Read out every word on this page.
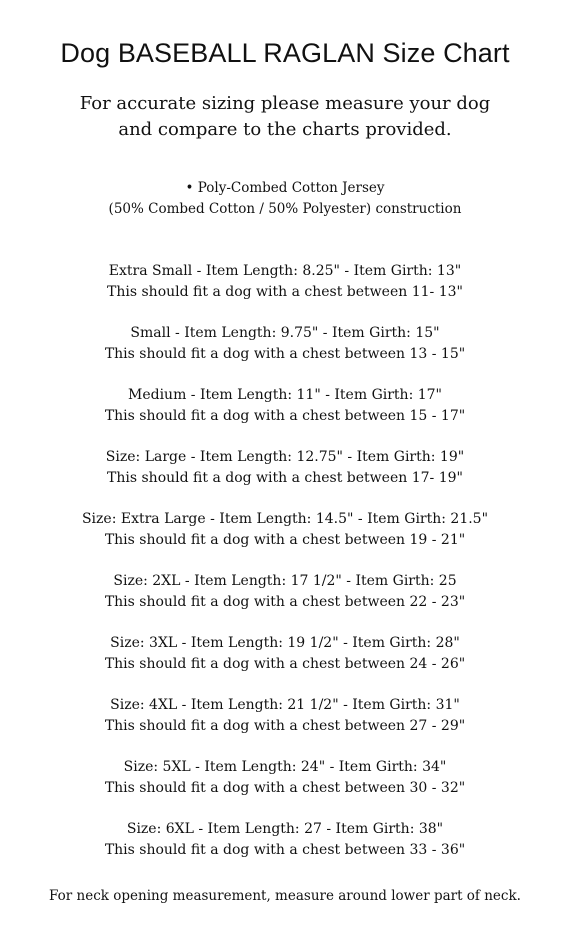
Dog BASEBALL RAGLAN Size Chart
For accurate sizing please measure your dog
and compare to the charts provided.
• Poly-Combed Cotton Jersey
(50% Combed Cotton / 50% Polyester) construction
Extra Small - Item Length: 8.25" - Item Girth: 13"
This should fit a dog with a chest between 11- 13"
Small - Item Length: 9.75" - Item Girth: 15"
This should fit a dog with a chest between 13 - 15"
Medium - Item Length: 11" - Item Girth: 17"
This should fit a dog with a chest between 15 - 17"
Size: Large - Item Length: 12.75" - Item Girth: 19"
This should fit a dog with a chest between 17- 19"
Size: Extra Large - Item Length: 14.5" - Item Girth: 21.5"
This should fit a dog with a chest between 19 - 21"
Size: 2XL - Item Length: 17 1/2" - Item Girth: 25
This should fit a dog with a chest between 22 - 23"
Size: 3XL - Item Length: 19 1/2" - Item Girth: 28"
This should fit a dog with a chest between 24 - 26"
Size: 4XL - Item Length: 21 1/2" - Item Girth: 31"
This should fit a dog with a chest between 27 - 29"
Size: 5XL - Item Length: 24" - Item Girth: 34"
This should fit a dog with a chest between 30 - 32"
Size: 6XL - Item Length: 27 - Item Girth: 38"
This should fit a dog with a chest between 33 - 36"
For neck opening measurement, measure around lower part of neck.
